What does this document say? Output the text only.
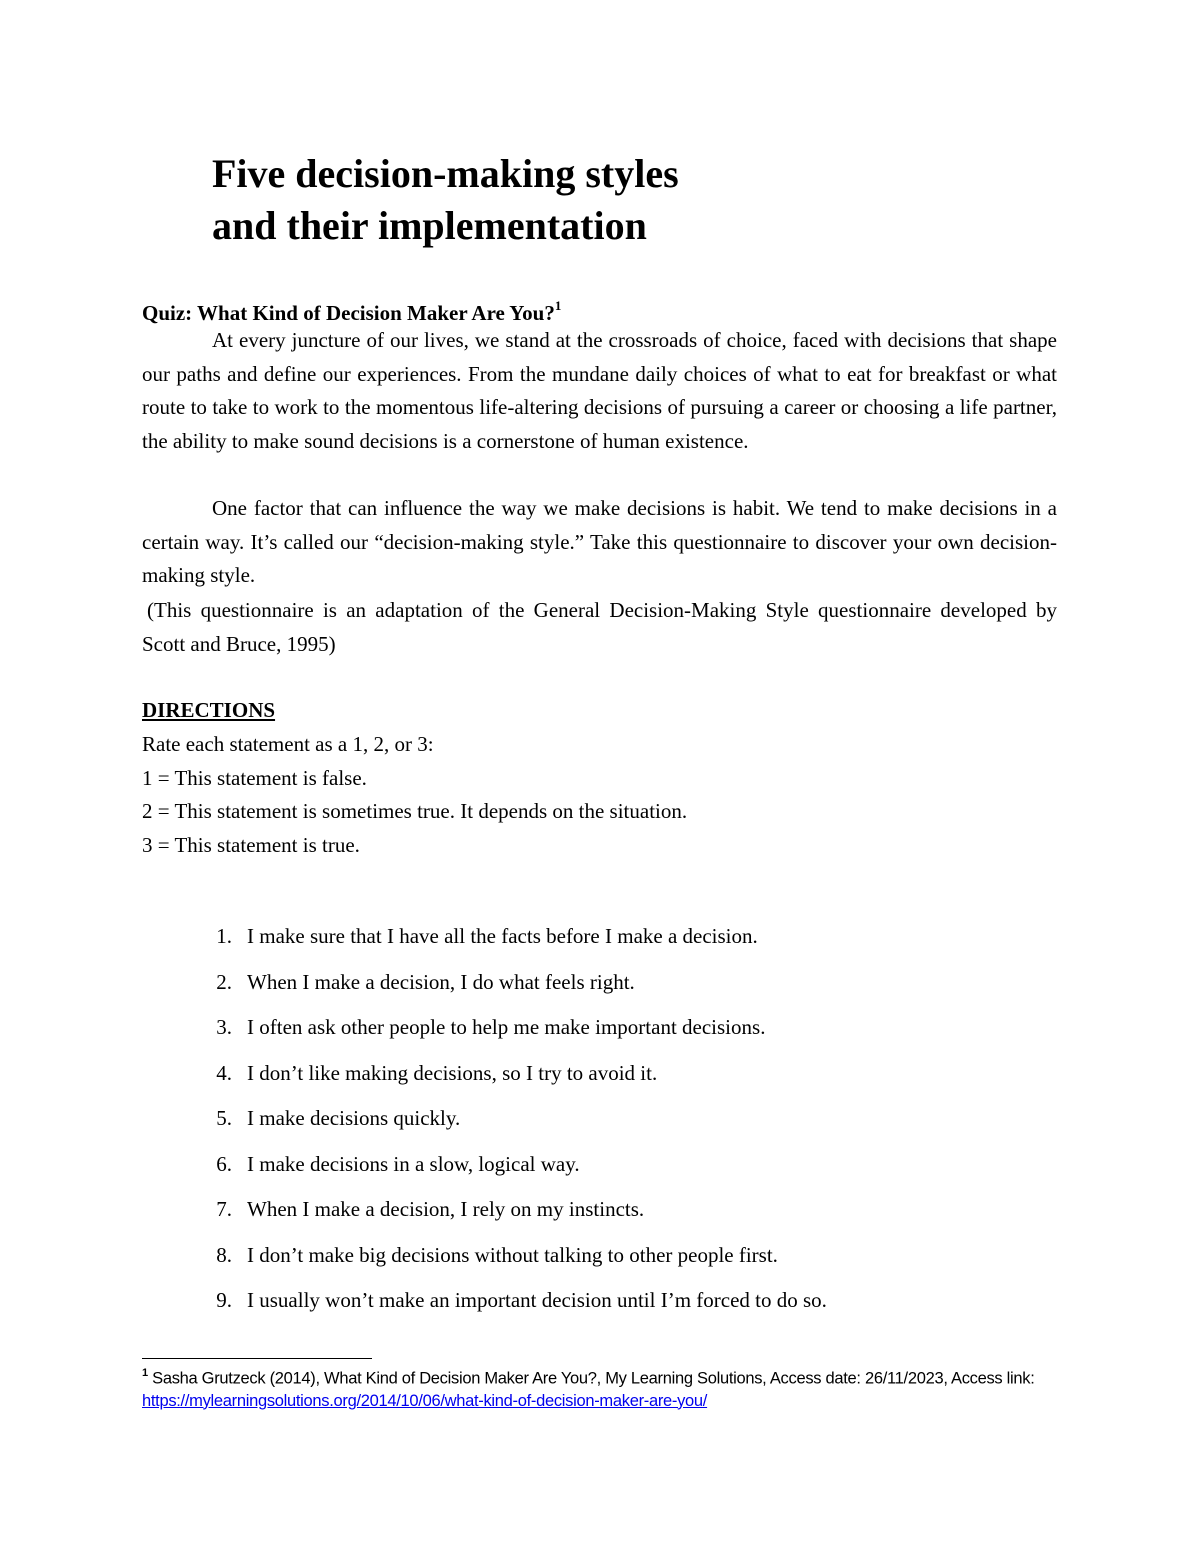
Five decision-making styles
and their implementation

Quiz: What Kind of Decision Maker Are You?$^1$

At every juncture of our lives, we stand at the crossroads of choice, faced with decisions that shape our paths and define our experiences. From the mundane daily choices of what to eat for breakfast or what route to take to work to the momentous life-altering decisions of pursuing a career or choosing a life partner, the ability to make sound decisions is a cornerstone of human existence.

One factor that can influence the way we make decisions is habit. We tend to make decisions in a certain way. It’s called our “decision-making style.” Take this questionnaire to discover your own decision-making style.

(This questionnaire is an adaptation of the General Decision-Making Style questionnaire developed by Scott and Bruce, 1995)

DIRECTIONS

Rate each statement as a 1, 2, or 3:
1 = This statement is false.
2 = This statement is sometimes true. It depends on the situation.
3 = This statement is true.
1. I make sure that I have all the facts before I make a decision.
2. When I make a decision, I do what feels right.
3. I often ask other people to help me make important decisions.
4. I don’t like making decisions, so I try to avoid it.
5. I make decisions quickly.
6. I make decisions in a slow, logical way.
7. When I make a decision, I rely on my instincts.
8. I don’t make big decisions without talking to other people first.
9. I usually won’t make an important decision until I’m forced to do so.

$^1$ Sasha Grutzeck (2014), What Kind of Decision Maker Are You?, My Learning Solutions, Access date: 26/11/2023, Access link: https://mylearningsolutions.org/2014/10/06/what-kind-of-decision-maker-are-you/
